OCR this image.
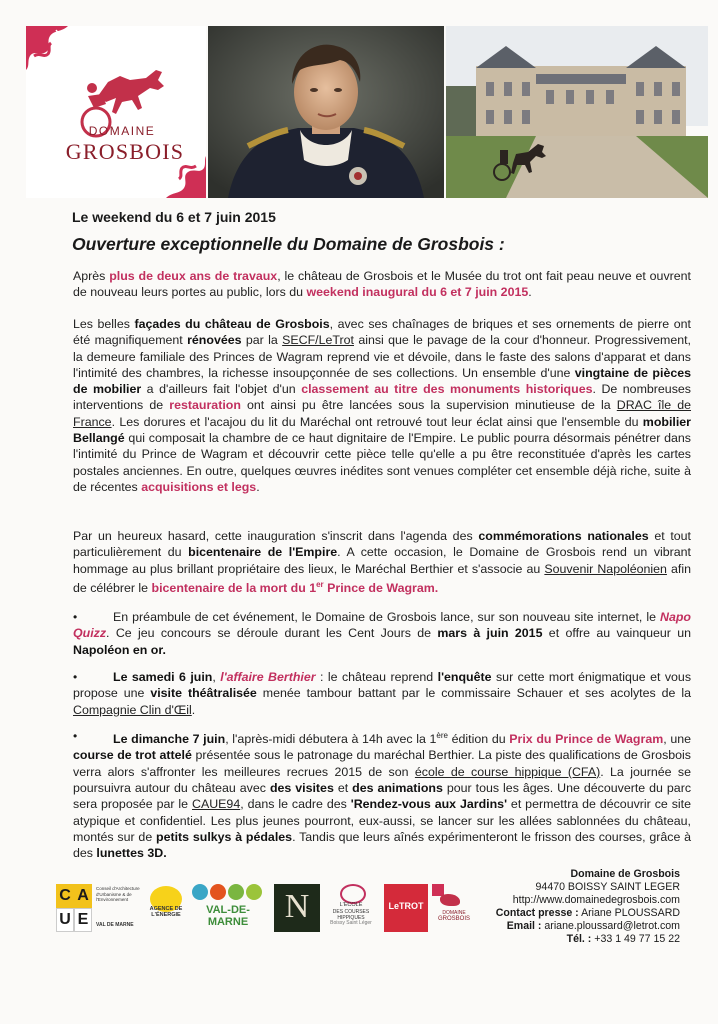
DOMAINE
GROSBOIS
Le weekend du 6 et 7 juin 2015
Ouverture exceptionnelle du Domaine de Grosbois :

Après plus de deux ans de travaux, le château de Grosbois et le Musée du trot ont fait peau neuve et ouvrent de nouveau leurs portes au public, lors du weekend inaugural du 6 et 7 juin 2015.

Les belles façades du château de Grosbois, avec ses chaînages de briques et ses ornements de pierre ont été magnifiquement rénovées par la SECF/LeTrot ainsi que le pavage de la cour d'honneur. Progressivement, la demeure familiale des Princes de Wagram reprend vie et dévoile, dans le faste des salons d'apparat et dans l'intimité des chambres, la richesse insoupçonnée de ses collections. Un ensemble d'une vingtaine de pièces de mobilier a d'ailleurs fait l'objet d'un classement au titre des monuments historiques. De nombreuses interventions de restauration ont ainsi pu être lancées sous la supervision minutieuse de la DRAC île de France. Les dorures et l'acajou du lit du Maréchal ont retrouvé tout leur éclat ainsi que l'ensemble du mobilier Bellangé qui composait la chambre de ce haut dignitaire de l'Empire. Le public pourra désormais pénétrer dans l'intimité du Prince de Wagram et découvrir cette pièce telle qu'elle a pu être reconstituée d'après les cartes postales anciennes. En outre, quelques œuvres inédites sont venues compléter cet ensemble déjà riche, suite à de récentes acquisitions et legs.

Par un heureux hasard, cette inauguration s'inscrit dans l'agenda des commémorations nationales et tout particulièrement du bicentenaire de l'Empire. A cette occasion, le Domaine de Grosbois rend un vibrant hommage au plus brillant propriétaire des lieux, le Maréchal Berthier et s'associe au Souvenir Napoléonien afin de célébrer le bicentenaire de la mort du 1er Prince de Wagram.

•	En préambule de cet événement, le Domaine de Grosbois lance, sur son nouveau site internet, le Napo Quizz. Ce jeu concours se déroule durant les Cent Jours de mars à juin 2015 et offre au vainqueur un Napoléon en or.

•	Le samedi 6 juin, l'affaire Berthier : le château reprend l'enquête sur cette mort énigmatique et vous propose une visite théâtralisée menée tambour battant par le commissaire Schauer et ses acolytes de la Compagnie Clin d'Œil.

•	Le dimanche 7 juin, l'après-midi débutera à 14h avec la 1ère édition du Prix du Prince de Wagram, une course de trot attelé présentée sous le patronage du maréchal Berthier. La piste des qualifications de Grosbois verra alors s'affronter les meilleures recrues 2015 de son école de course hippique (CFA). La journée se poursuivra autour du château avec des visites et des animations pour tous les âges. Une découverte du parc sera proposée par le CAUE94, dans le cadre des 'Rendez-vous aux Jardins' et permettra de découvrir ce site atypique et confidentiel. Les plus jeunes pourront, eux-aussi, se lancer sur les allées sablonnées du château, montés sur de petits sulkys à pédales. Tandis que leurs aînés expérimenteront le frisson des courses, grâce à des lunettes 3D.

Domaine de Grosbois
94470 BOISSY SAINT LEGER
http://www.domainedegrosbois.com
Contact presse : Ariane PLOUSSARD
Email : ariane.ploussard@letrot.com
Tél. : +33 1 49 77 15 22
C A
U E
Conseil d'Architecture d'Urbanisme & de l'Environnement
VAL DE MARNE
AGENCE DE L'ÉNERGIE	VAL-DE-MARNE	N	L'ÉCOLE
DES COURSES HIPPIQUES
Boissy Saint Léger
LeTROT
DOMAINE
GROSBOIS
